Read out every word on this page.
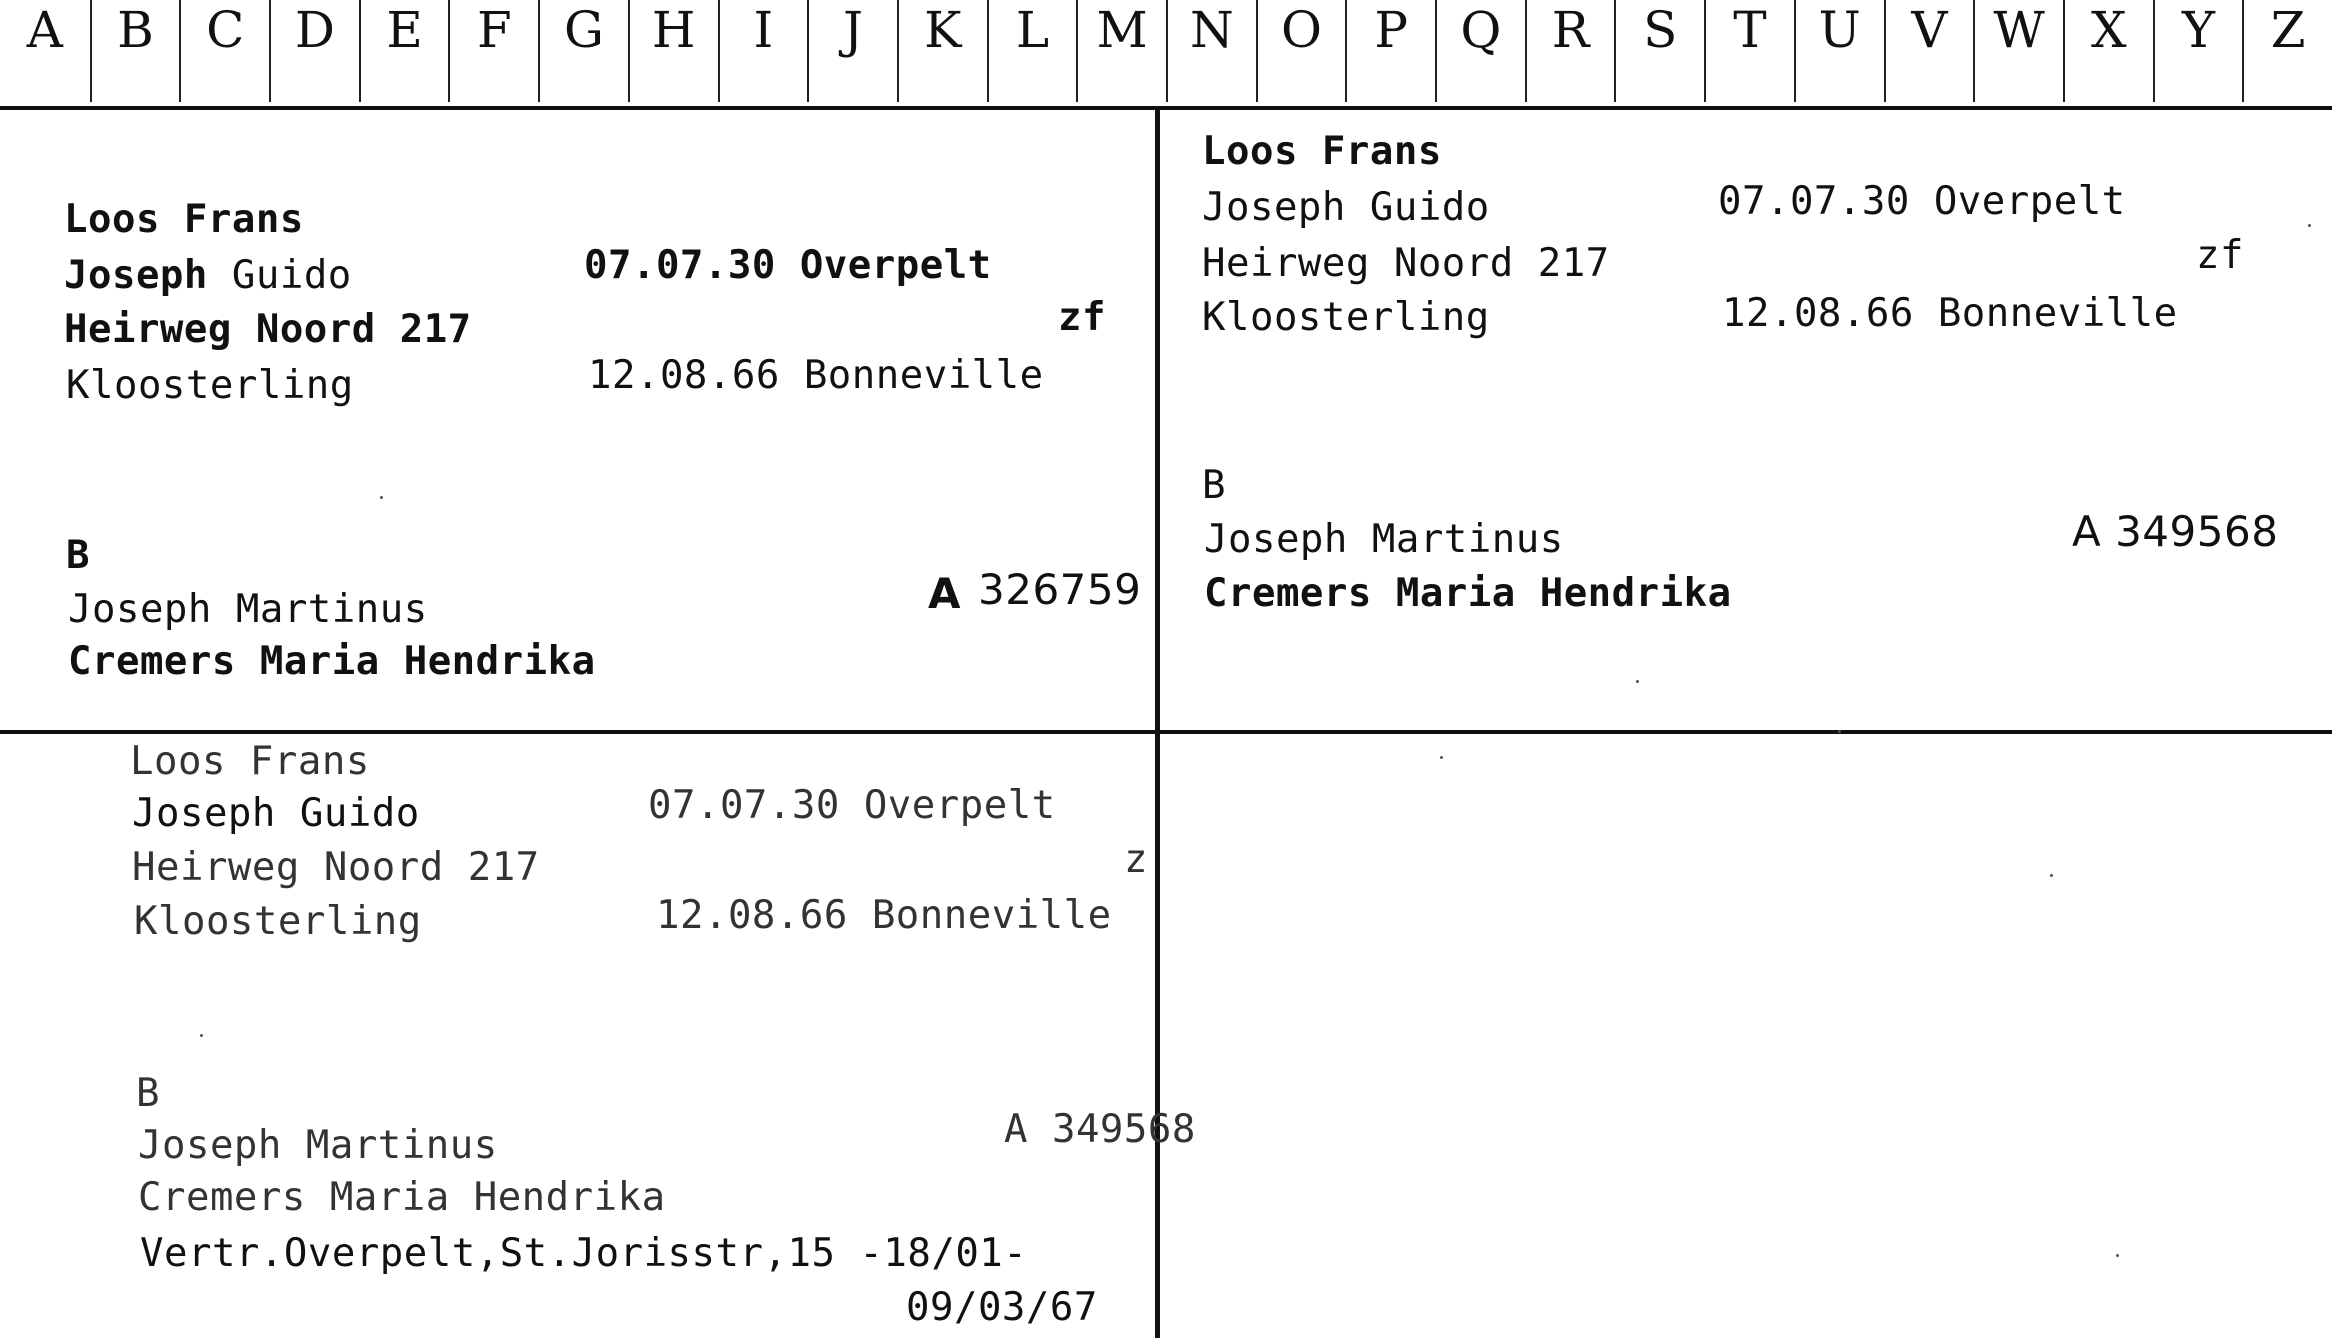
A	B	C	D	E	F	G H	I	J	K	L M N O	P	Q	R	S	T	U	V W X	Y	Z
Loos Frans
Joseph Guido	07.07.30 Overpelt
Heirweg Noord 217	zf
Kloosterling	12.08.66 Bonneville
B
Joseph Martinus
Cremers Maria Hendrika
A 326759
Loos Frans
Joseph Guido	07.07.30 Overpelt
Heirweg Noord 217	zf
Kloosterling	12.08.66 Bonneville
B
Joseph Martinus
Cremers Maria Hendrika
A 349568
Loos Frans
Joseph Guido	07.07.30 Overpelt
Heirweg Noord 217	z
Kloosterling	12.08.66 Bonneville
B
Joseph Martinus
Cremers Maria Hendrika
A 349568
Vertr.Overpelt,St.Jorisstr,15 -18/01-
09/03/67
